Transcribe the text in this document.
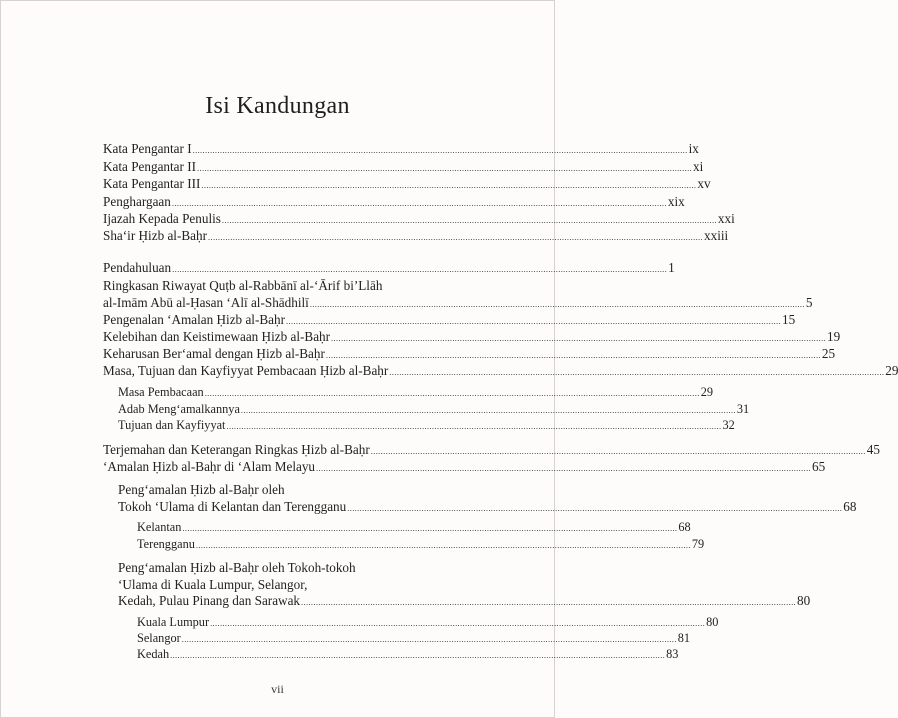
Isi Kandungan
Kata Pengantar I ........................................................................................................................................................................................................ ix
Kata Pengantar II ........................................................................................................................................................................................................ xi
Kata Pengantar III ........................................................................................................................................................................................................ xv
Penghargaan ........................................................................................................................................................................................................ xix
Ijazah Kepada Penulis ........................................................................................................................................................................................................ xxi
Sha‘ir Ḥizb al-Baḥr ........................................................................................................................................................................................................ xxiii
Pendahuluan ........................................................................................................................................................................................................ 1
Ringkasan Riwayat Quṭb al-Rabbānī al-‘Ārif bi’Llāh
al-Imām Abū al-Ḥasan ‘Alī al-Shādhilī ........................................................................................................................................................................................................ 5
Pengenalan ‘Amalan Ḥizb al-Baḥr ........................................................................................................................................................................................................ 15
Kelebihan dan Keistimewaan Ḥizb al-Baḥr ........................................................................................................................................................................................................ 19
Keharusan Ber‘amal dengan Ḥizb al-Baḥr ........................................................................................................................................................................................................ 25
Masa, Tujuan dan Kayfiyyat Pembacaan Ḥizb al-Baḥr ........................................................................................................................................................................................................ 29
Masa Pembacaan ........................................................................................................................................................................................................ 29
Adab Meng‘amalkannya ........................................................................................................................................................................................................ 31
Tujuan dan Kayfiyyat ........................................................................................................................................................................................................ 32
Terjemahan dan Keterangan Ringkas Ḥizb al-Baḥr ........................................................................................................................................................................................................ 45
‘Amalan Ḥizb al-Baḥr di ‘Alam Melayu ........................................................................................................................................................................................................ 65
Peng‘amalan Ḥizb al-Baḥr oleh
Tokoh ‘Ulama di Kelantan dan Terengganu ........................................................................................................................................................................................................ 68
Kelantan ........................................................................................................................................................................................................ 68
Terengganu ........................................................................................................................................................................................................ 79
Peng‘amalan Ḥizb al-Baḥr oleh Tokoh-tokoh
‘Ulama di Kuala Lumpur, Selangor,
Kedah, Pulau Pinang dan Sarawak ........................................................................................................................................................................................................ 80
Kuala Lumpur ........................................................................................................................................................................................................ 80
Selangor ........................................................................................................................................................................................................ 81
Kedah ........................................................................................................................................................................................................ 83
vii
